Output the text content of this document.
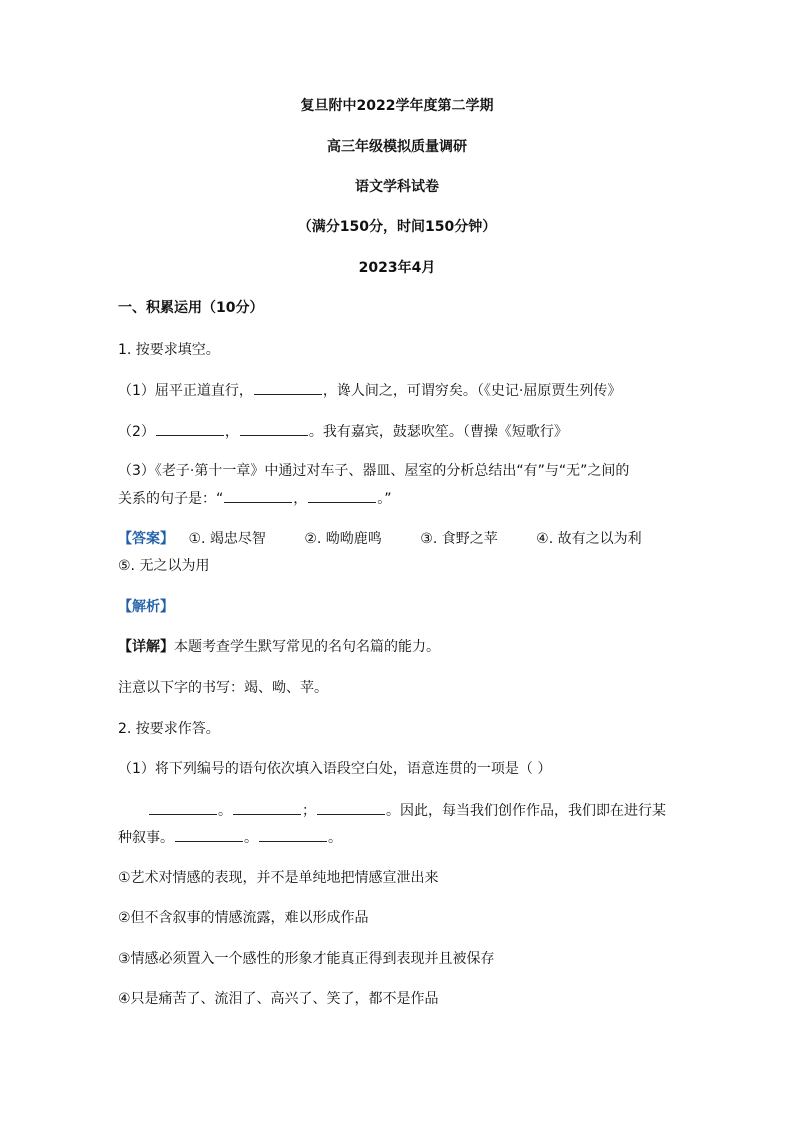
复旦附中2022学年度第二学期
高三年级模拟质量调研
语文学科试卷
（满分150分，时间150分钟）
2023年4月
一、积累运用（10分）
1. 按要求填空。
（1）屈平正道直行，	，谗人间之，可谓穷矣。（《史记·屈原贾生列传》
（2）	，	。我有嘉宾，鼓瑟吹笙。（曹操《短歌行》
（3）《老子·第十一章》中通过对车子、器皿、屋室的分析总结出“有”与“无”之间的
关系的句子是：“	，	。”
【答案】 ①. 竭忠尽智	②. 呦呦鹿鸣	③. 食野之苹	④. 故有之以为利
⑤. 无之以为用
【解析】
【详解】本题考查学生默写常见的名句名篇的能力。
注意以下字的书写：竭、呦、苹。
2. 按要求作答。
（1）将下列编号的语句依次填入语段空白处，语意连贯的一项是（ ）
。	；	。因此，每当我们创作作品，我们即在进行某
种叙事。	。	。
①艺术对情感的表现，并不是单纯地把情感宣泄出来
②但不含叙事的情感流露，难以形成作品
③情感必须置入一个感性的形象才能真正得到表现并且被保存
④只是痛苦了、流泪了、高兴了、笑了，都不是作品
